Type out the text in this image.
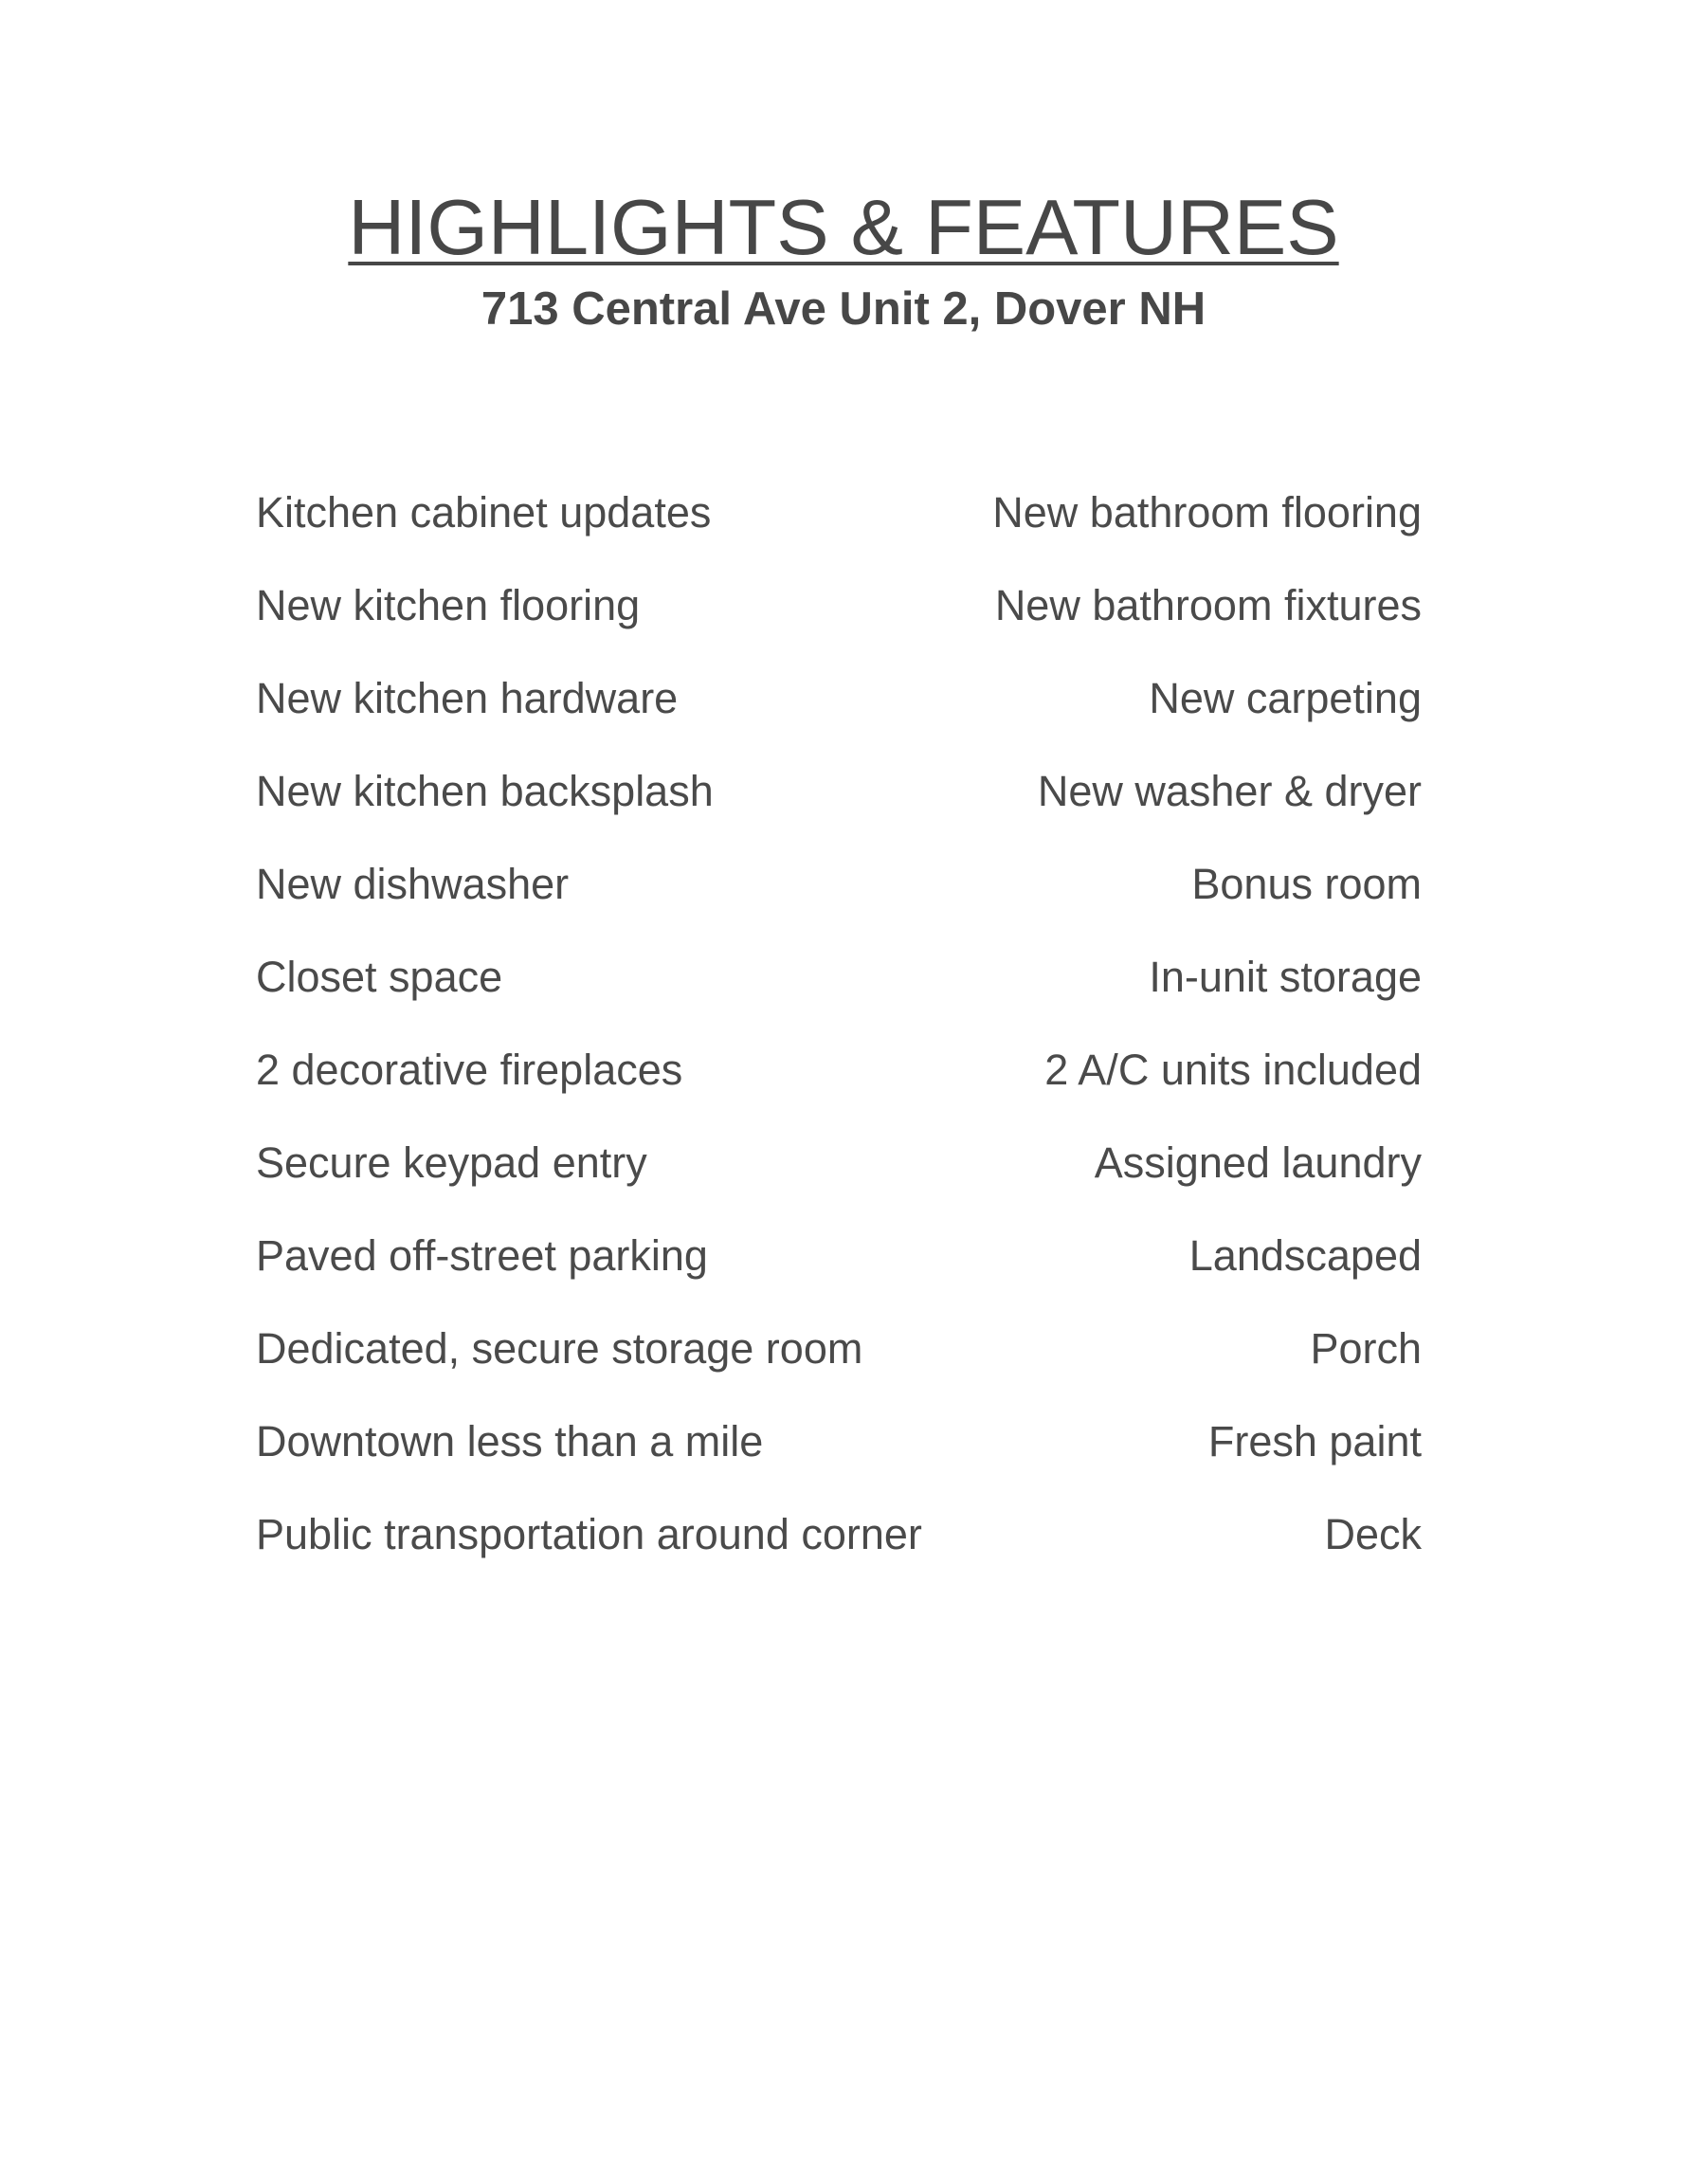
HIGHLIGHTS & FEATURES
713 Central Ave Unit 2, Dover NH
Kitchen cabinet updates	New bathroom flooring
New kitchen flooring	New bathroom fixtures
New kitchen hardware	New carpeting
New kitchen backsplash	New washer & dryer
New dishwasher	Bonus room
Closet space	In-unit storage
2 decorative fireplaces	2 A/C units included
Secure keypad entry	Assigned laundry
Paved off-street parking	Landscaped
Dedicated, secure storage room	Porch
Downtown less than a mile	Fresh paint
Public transportation around corner	Deck
